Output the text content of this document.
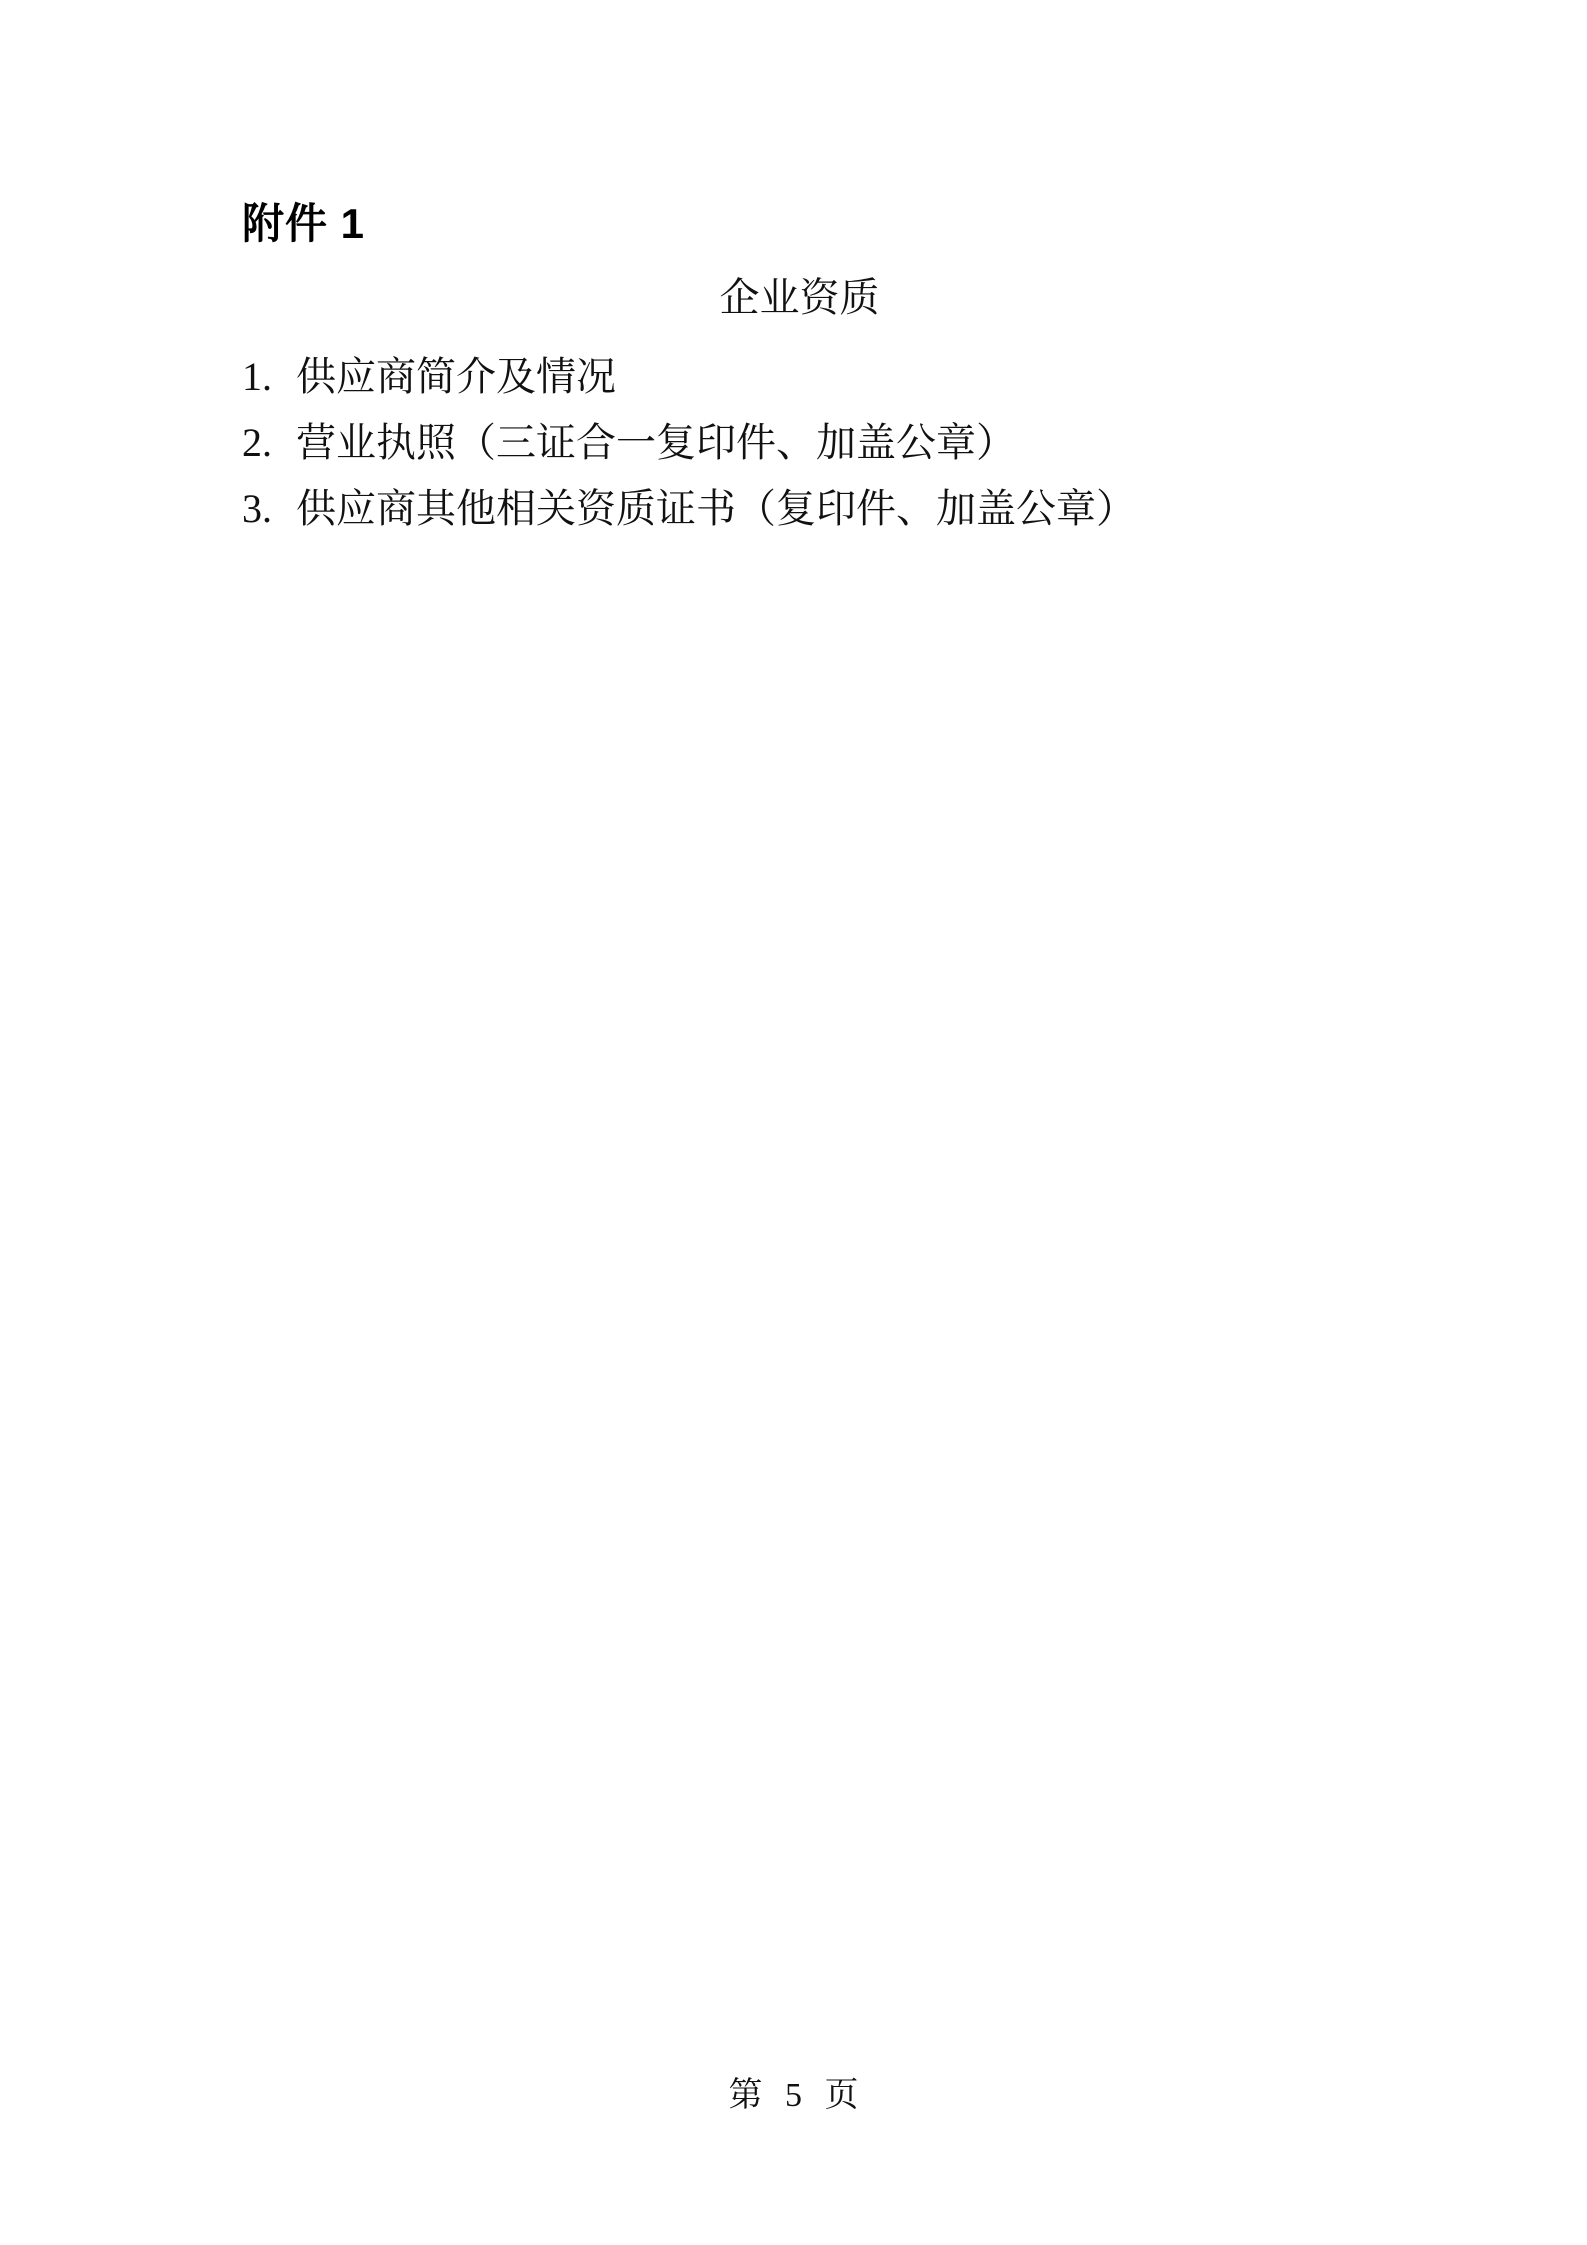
附件 1
企业资质
1. 供应商简介及情况
2. 营业执照（三证合一复印件、加盖公章）
3. 供应商其他相关资质证书（复印件、加盖公章）
第 5 页
